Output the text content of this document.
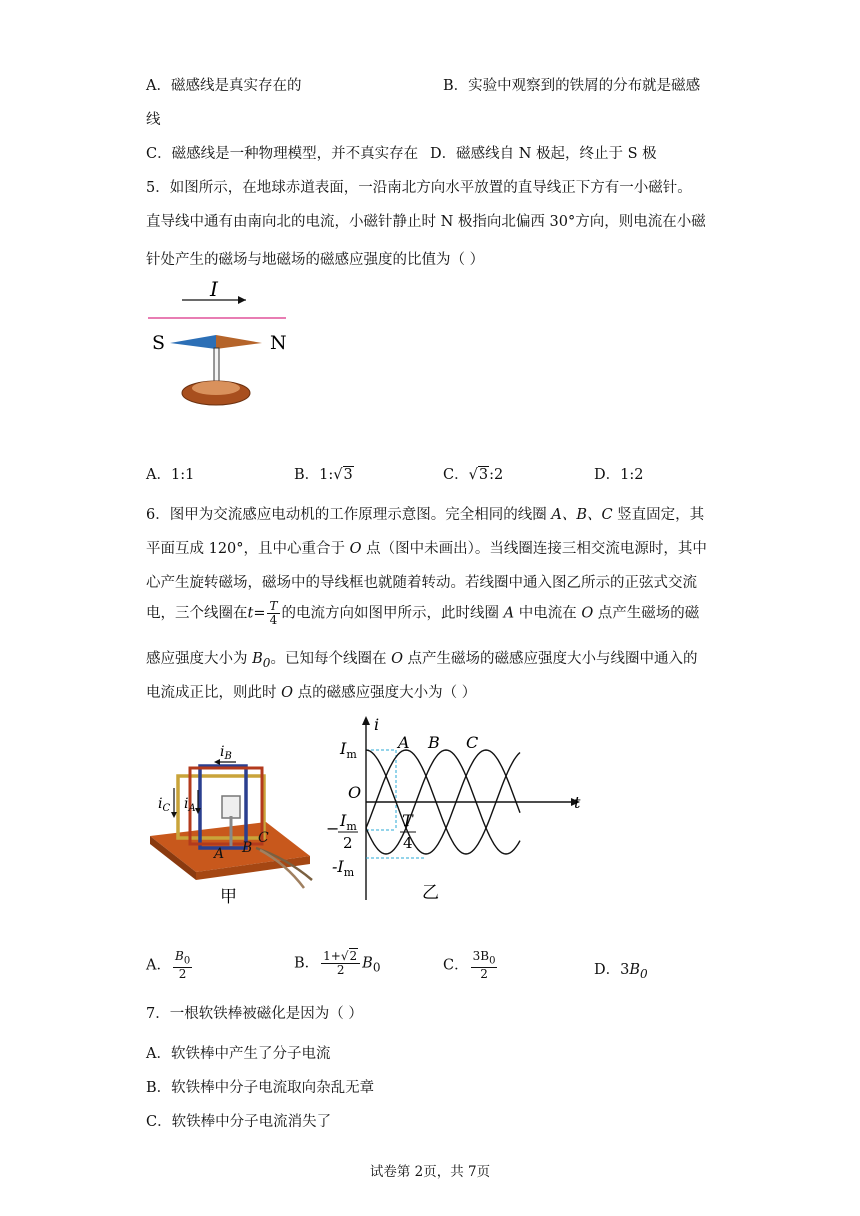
A．磁感线是真实存在的	B．实验中观察到的铁屑的分布就是磁感
线
C．磁感线是一种物理模型，并不真实存在 D．磁感线自 N 极起，终止于 S 极
5．如图所示，在地球赤道表面，一沿南北方向水平放置的直导线正下方有一小磁针。
直导线中通有由南向北的电流，小磁针静止时 N 极指向北偏西 30°方向，则电流在小磁
针处产生的磁场与地磁场的磁感应强度的比值为（ ）
I
S	N
A．1:1	B．1:√3	C．√3:2	D．1:2
6．图甲为交流感应电动机的工作原理示意图。完全相同的线圈 A、B、C 竖直固定，其
平面互成 120°，且中心重合于 O 点（图中未画出）。当线圈连接三相交流电源时，其中
心产生旋转磁场，磁场中的导线框也就随着转动。若线圈中通入图乙所示的正弦式交流
电，三个线圈在$t= \frac{T}{4}$ 的电流方向如图甲所示，此时线圈 A 中电流在 O 点产生磁场的磁
感应强度大小为 $B_0$。已知每个线圈在 O 点产生磁场的磁感应强度大小与线圈中通入的
电流成正比，则此时 O 点的磁感应强度大小为（ ）
$i_B$
$i_A$
$i_C$
A B
C
甲
i
t
O
$I_m$
− $I_m$
2
$-I_m$
T
4
A B C
乙
A． $\frac{B_0}{2}$	B． $\frac{1+√2}{2} B_0$	C． $\frac{3B_0}{2}$	D．$3B_0$
7．一根软铁棒被磁化是因为（ ）
A．软铁棒中产生了分子电流
B．软铁棒中分子电流取向杂乱无章
C．软铁棒中分子电流消失了
试卷第 2页，共 7页
